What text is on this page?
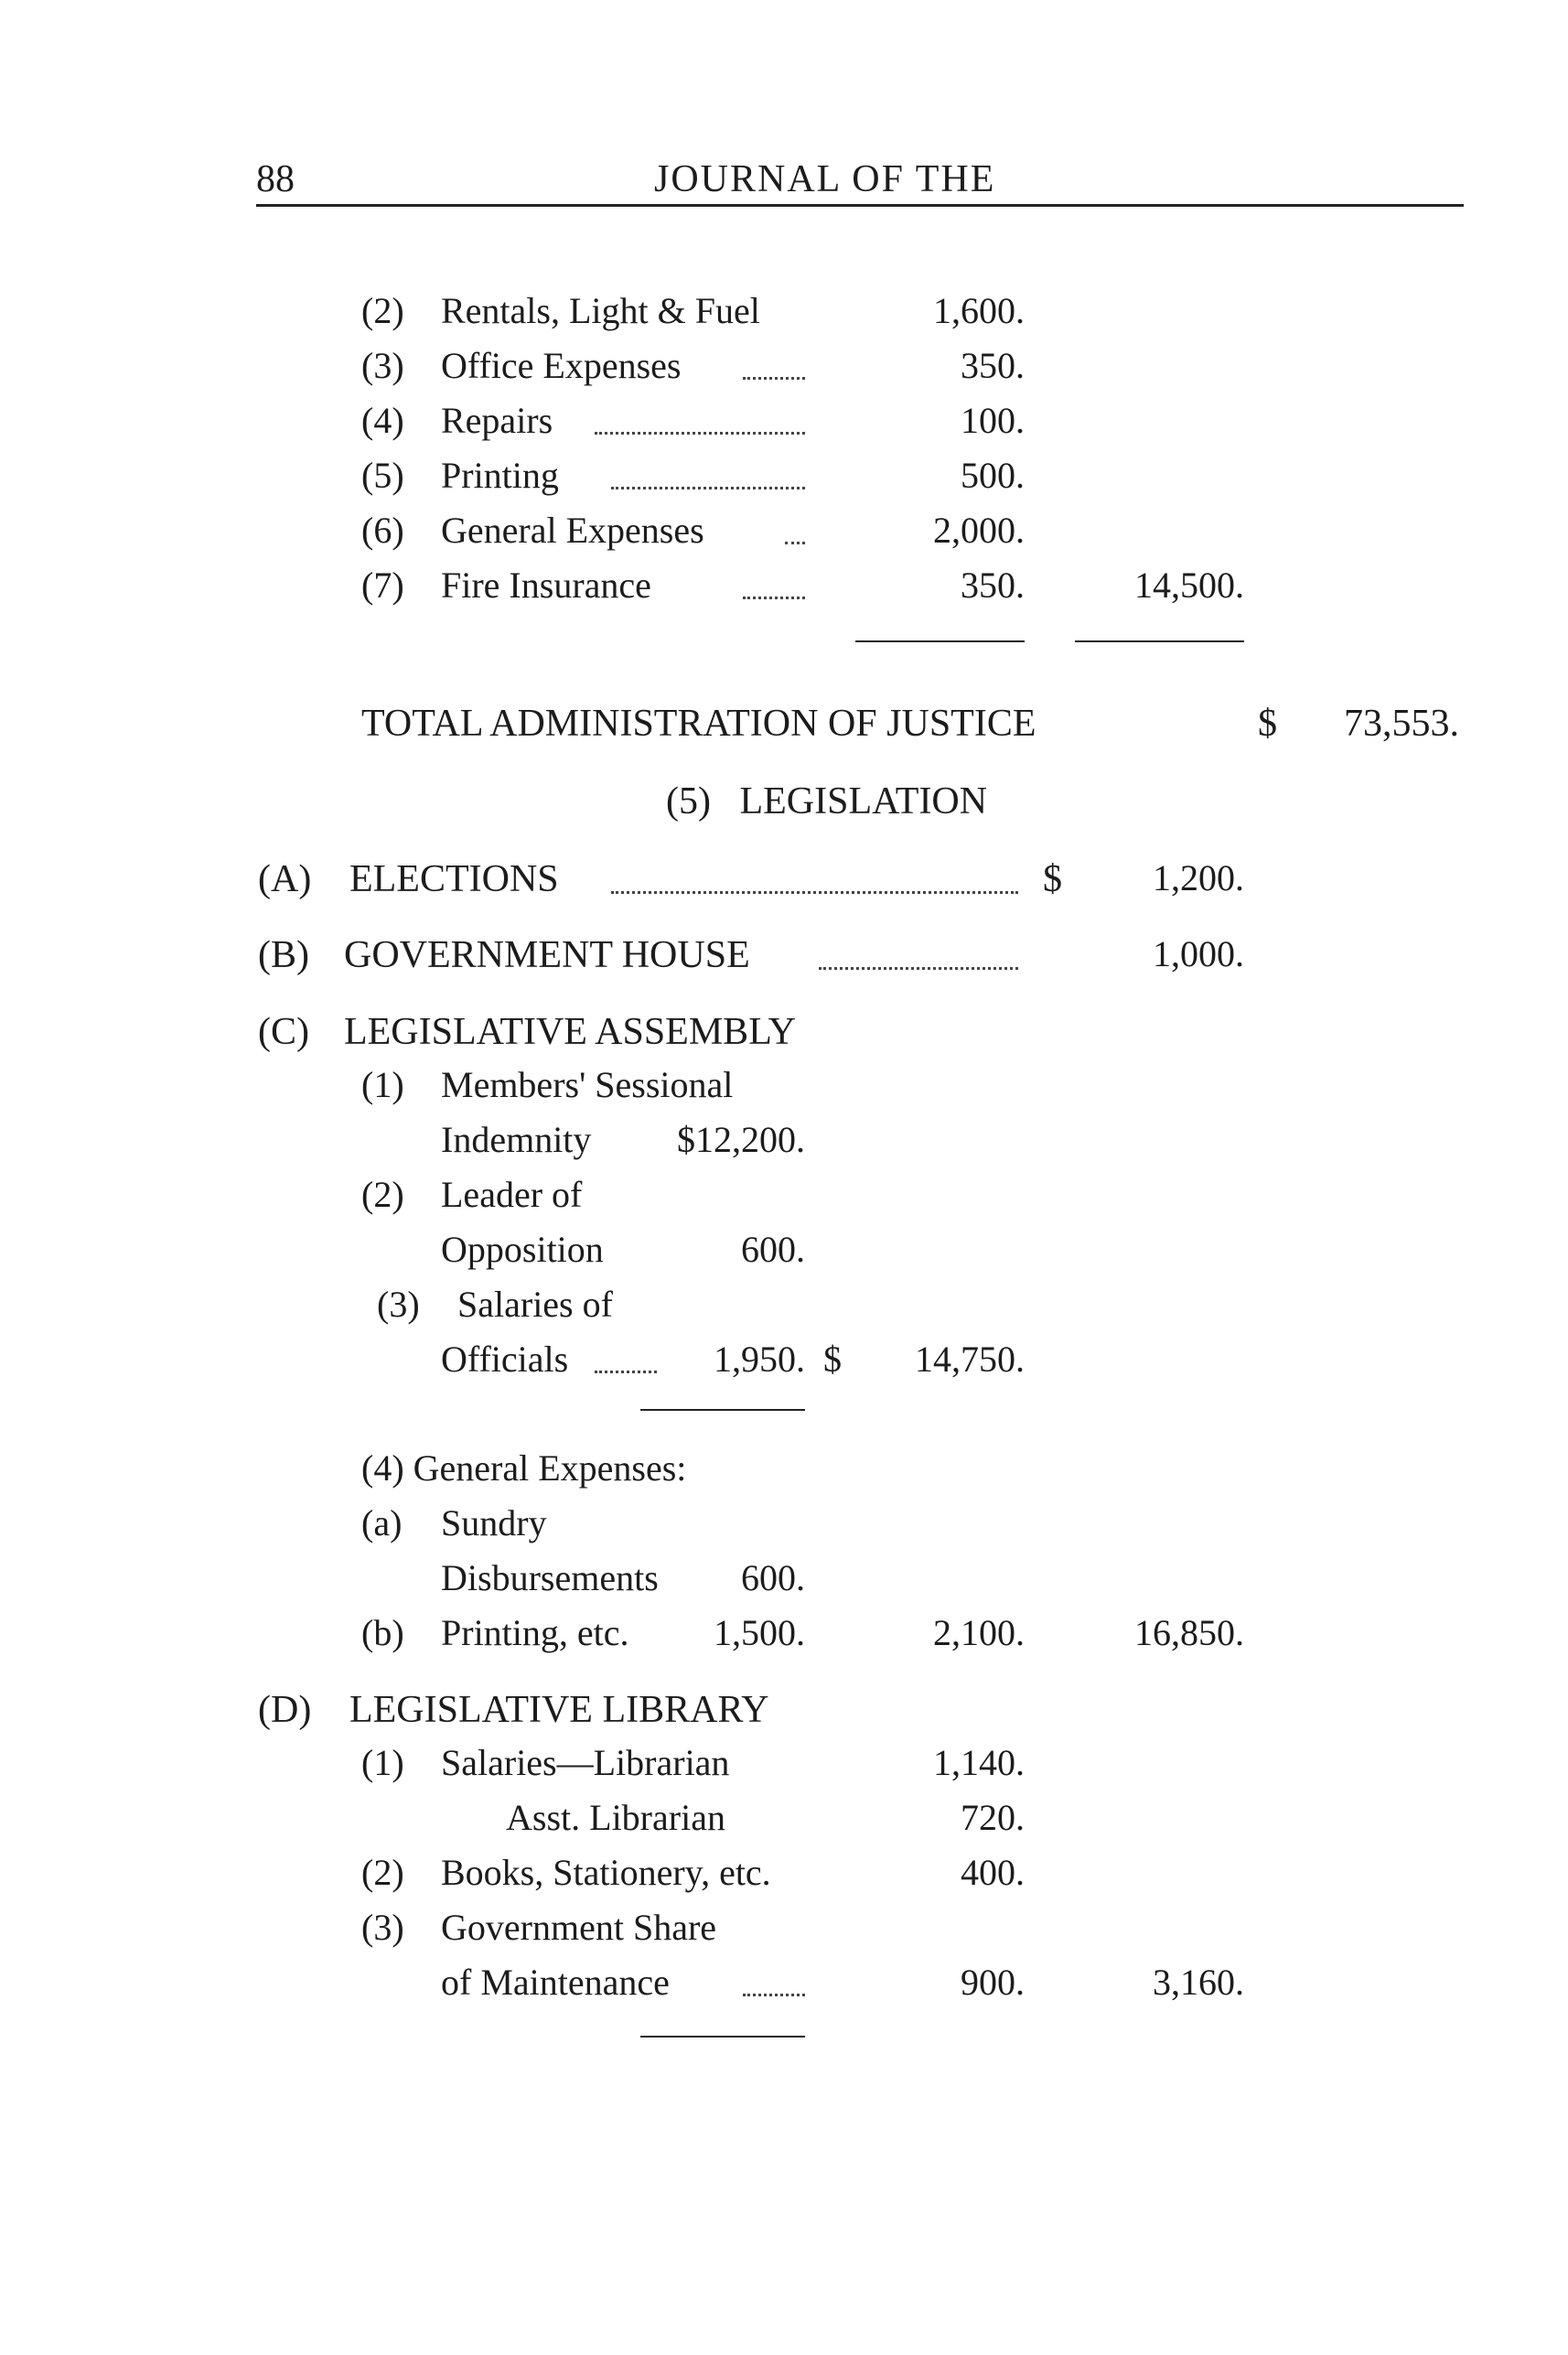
88	JOURNAL OF THE
(2) Rentals, Light & Fuel	1,600.
(3) Office Expenses	350.
(4) Repairs	100.
(5) Printing	500.
(6) General Expenses	2,000.
(7) Fire Insurance	350.	14,500.
TOTAL ADMINISTRATION OF JUSTICE	$	73,553.
(5)   LEGISLATION
(A) ELECTIONS	$	1,200.
(B) GOVERNMENT HOUSE	1,000.
(C) LEGISLATIVE ASSEMBLY
(1) Members' Sessional
Indemnity	$12,200.
(2) Leader of
Opposition	600.
(3) Salaries of
Officials	1,950. $	14,750.
(4) General Expenses:
(a) Sundry
Disbursements	600.
(b) Printing, etc.	1,500.	2,100.	16,850.
(D) LEGISLATIVE LIBRARY
(1) Salaries—Librarian	1,140.
Asst. Librarian	720.
(2) Books, Stationery, etc.	400.
(3) Government Share
of Maintenance	900.	3,160.
